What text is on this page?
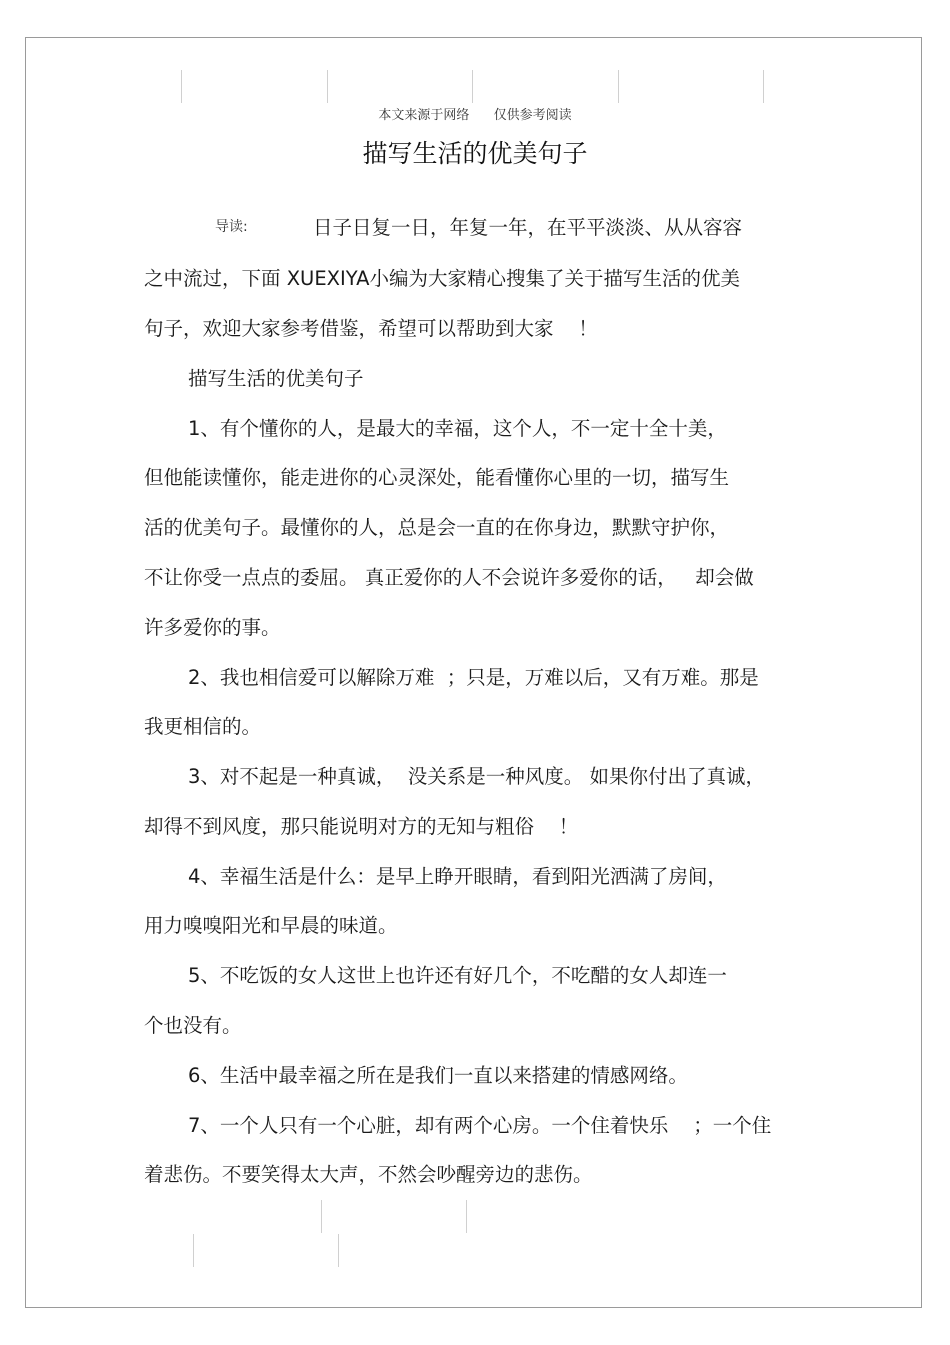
本文来源于网络 仅供参考阅读
描写生活的优美句子
导读:	日子日复一日，年复一年，在平平淡淡、从从容容
之中流过，下面 XUEXIYA小编为大家精心搜集了关于描写生活的优美
句子，欢迎大家参考借鉴，希望可以帮助到大家    ！
描写生活的优美句子
1、有个懂你的人，是最大的幸福，这个人，不一定十全十美，
但他能读懂你，能走进你的心灵深处，能看懂你心里的一切，描写生
活的优美句子。最懂你的人，总是会一直的在你身边，默默守护你，
不让你受一点点的委屈。 真正爱你的人不会说许多爱你的话，   却会做
许多爱你的事。
2、我也相信爱可以解除万难  ；只是，万难以后，又有万难。那是
我更相信的。
3、对不起是一种真诚，  没关系是一种风度。 如果你付出了真诚，
却得不到风度，那只能说明对方的无知与粗俗    ！
4、幸福生活是什么：是早上睁开眼睛，看到阳光洒满了房间，
用力嗅嗅阳光和早晨的味道。
5、不吃饭的女人这世上也许还有好几个，不吃醋的女人却连一
个也没有。
6、生活中最幸福之所在是我们一直以来搭建的情感网络。
7、一个人只有一个心脏，却有两个心房。一个住着快乐    ；一个住
着悲伤。不要笑得太大声，不然会吵醒旁边的悲伤。
